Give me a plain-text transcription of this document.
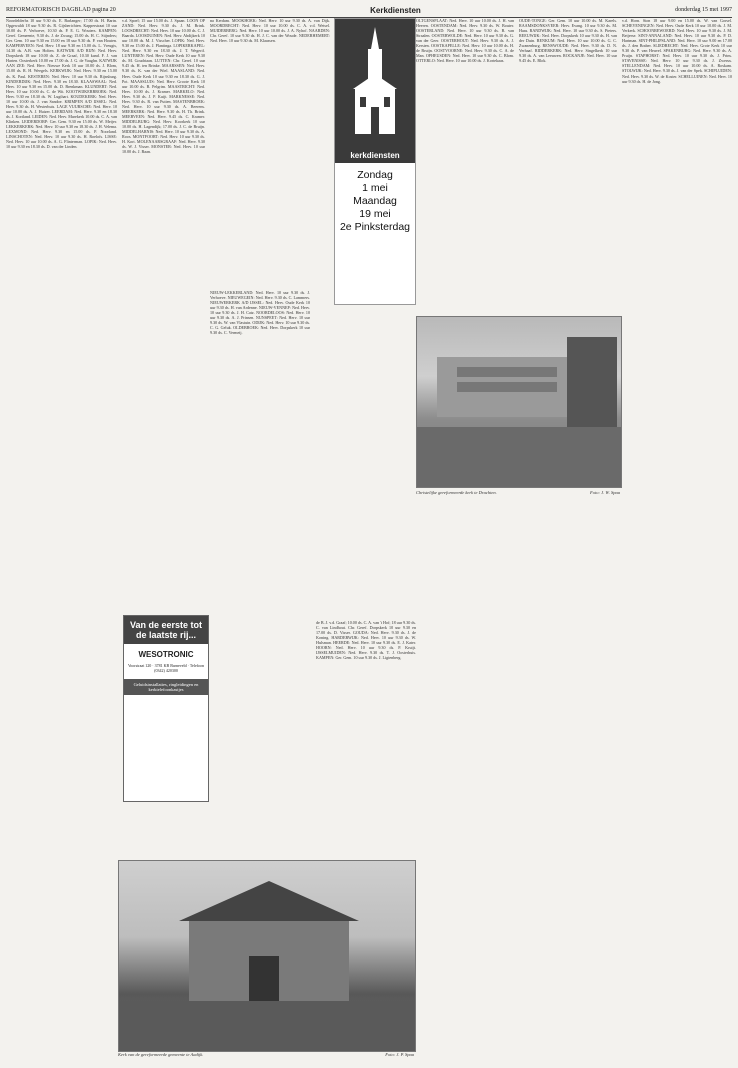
REFORMATORISCH DAGBLAD pagina 20	Kerkdiensten	donderdag 15 mei 1997

Noordelderhs 10 uur 9.30 ds. E. Barlanger; 17.00 ds. H. Bartn. Opgewaldt 18 uur 9.30 ds. R. Gijsberichten. Kapperstraat 10 uur 10.00 ds. P. Verhoeve, 10.30 ds. P. E. G. Wouters. KAMPEN: Geref. Gemeente, 9.30 ds. J. de Zwaag; 15.00 ds. H. C. Stijnders; Ger. Gem. 10 uur 9.30 en 15.00 en 18 uur 9.30 ds. P. van Houten. KAMPERVEEN: Ned. Herv. 18 uur 9.30 en 15.00 ds. L. Vreugts, 14.30 ds. A.B. van Holten. KATWIJK A/D RIJN: Ned. Herv. Dorpskerk 18 uur 10.00 ds. Z. de Graaf, 10.30 kand. F. J. van Harten. Oosterkerk 10.00 en 17.00 ds. J. G. de Vaughn. KATWIJK AAN ZEE: Ned. Herv. Nieuwe Kerk 10 uur 10.00 ds. J. Blom, 15.00 ds. R. H. Weegels. KERKWIJK: Ned. Herv. 9.30 en 15.00 ds. K. Paul. KESTEREN: Ned. Herv. 10 uur 9.30 ds. Rijnsburg. KINDERDIJK: Ned. Herv. 9.30 en 18.30. KLAASWAAL: Ned. Herv. 10 uur 9.30 en 15.00 ds. D. Brenkman. KLUNDERT: Ned. Herv. 10 uur 10.00 ds. C. de Wit. KOOTWIJKERBROEK: Ned. Herv. 9.30 en 18.30 ds. W. Lugthart. KOUDEKERK: Ned. Herv. 10 uur 10.00 ds. J. van Sandoe. KRIMPEN A/D IJSSEL: Ned. Herv. 9.30 ds. H. Westerhuis. LAGE VUURSCHE: Ned. Herv. 10 uur 10.00 ds. A. J. Huizer. LEERDAM: Ned. Herv. 9.30 en 18.30 ds. J. Kortland. LEIDEN: Ned. Herv. Marekerk 10.00 ds. C. A. van Klinken. LEIDERDORP: Ger. Gem. 9.30 en 15.00 ds. W. Meijer. LEKKERKERK: Ned. Herv. 10 uur 9.30 en 18.30 ds. J. H. Velema. LEXMOND: Ned. Herv. 9.30 en 15.00 ds. P. Noorland. LINSCHOTEN: Ned. Herv. 10 uur 9.30 ds. H. Roelofs. LISSE: Ned. Herv. 10 uur 10.00 ds. A. G. Flinterman. LOPIK: Ned. Herv. 10 uur 9.30 en 18.30 ds. D. van der Linden.

v.d. Spoel; 15 uur 15.00 ds. J. Spaan. LOON OP ZAND: Ned. Herv. 9.30 ds. J. M. Brink. LOOSDRECHT: Ned. Herv. 10 uur 10.00 ds. C. J. Baarda. LOOSDUINEN: Ned. Herv. Abdijkerk 10 uur 10.00 ds. M. J. Visscher. LOPIK: Ned. Herv. 9.30 en 15.00 ds. J. Plantinga. LOPIKERKAPEL: Ned. Herv. 9.30 en 18.30 ds. J. T. Wegerif. LUNTEREN: Ned. Herv. Oude Kerk 10 uur 9.30 ds. M. Goudriaan. LUTTEN: Chr. Geref. 10 uur 9.45 ds. H. ten Brinke. MAARSSEN: Ned. Herv. 9.30 ds. K. van der Wiel. MAASLAND: Ned. Herv. Oude Kerk 10 uur 9.30 en 18.30 ds. G. J. Pot. MAASSLUIS: Ned. Herv. Groote Kerk 10 uur 10.00 ds. B. Pelgrim. MAASTRICHT: Ned. Herv. 10.00 ds. J. Kramer. MARKELO: Ned. Herv. 9.30 ds. J. P. Kuijt. MARKNESSE: Ned. Herv. 9.30 ds. R. van Putten. MASTENBROEK: Ned. Herv. 10 uur 9.30 ds. A. Beerens. MEERKERK: Ned. Herv. 9.30 ds. H. Th. Brink. MEERVEEN: Ned. Herv. 9.45 ds. C. Kramer. MIDDELBURG: Ned. Herv. Koorkerk 10 uur 10.00 ds. H. Lagendijk; 17.00 ds. J. C. de Bruijn. MIDDELHARNIS: Ned. Herv. 10 uur 9.30 ds. A. Roos. MONTFOORT: Ned. Herv. 10 uur 9.30 ds. H. Kort. MOLENAARSGRAAF: Ned. Herv. 9.30 ds. W. J. Visser. MONSTER: Ned. Herv. 10 uur 10.00 ds. J. Baan.

na Kerdam. MOOKHOEK: Ned. Herv. 10 uur 9.30 ds. A. van Dijk. MOORDRECHT: Ned. Herv. 10 uur 10.00 ds. C. A. v.d. Wetsel. MUIDERBERG: Ned. Herv. 10 uur 10.00 ds. J. A. Nyhof. NAARDEN: Chr. Geref. 10 uur 9.30 ds. H. J. C. van der Woude. NEDERHEMERT: Ned. Herv. 10 uur 9.30 ds. M. Klaassen.

NIEUW-LEKKERLAND: Ned. Herv. 10 uur 9.30 ds. J. Verhoeve. NIEUWEGEIN: Ned. Herv. 9.30 ds. C. Lammers. NIEUWERKERK A/D IJSSEL: Ned. Herv. Oude Kerk 10 uur 9.30 ds. H. van Ardenne. NIEUW-VENNEP: Ned. Herv. 10 uur 9.30 ds. J. H. Catz. NOORDELOOS: Ned. Herv. 10 uur 9.30 ds. A. J. Prinsen. NUNSPEET: Ned. Herv. 10 uur 9.30 ds. W. van Vlastuin. ODIJK: Ned. Herv. 10 uur 9.30 ds. C. G. Geluk. OLDEBROEK: Ned. Herv. Dorpskerk 10 uur 9.30 ds. C. Vermeij.

OLTGENSPLAAT: Ned. Herv. 10 uur 10.00 ds. J. H. van Heeren. OOSTENDAM: Ned. Herv. 9.30 ds. W. Bouter. OOSTERLAND: Ned. Herv. 10 uur 9.30 ds. B. van Straalen. OOSTERWOLDE: Ned. Herv. 10 uur 9.30 ds. G. van der Geer. OOSTERHOUT: Ned. Herv. 9.30 ds. A. J. Kersten. OOSTKAPELLE: Ned. Herv. 10 uur 10.00 ds. H. de Bruijn. OOSTVOORNE: Ned. Herv. 9.30 ds. C. A. de Man. OPHEUSDEN: Ned. Herv. 10 uur 9.30 ds. C. Blom. OTTERLO: Ned. Herv. 10 uur 10.00 ds. J. Kortekaas.

OUDE-TONGE: Ger. Gem. 10 uur 10.00 ds. M. Karels. RAAMSDONKSVEER: Herv. Evang. 10 uur 9.30 ds. M. Haas. RANDWIJK: Ned. Herv. 10 uur 9.30 ds. S. Pieters. REEUWIJK: Ned. Herv. Dorpskerk 10 uur 9.30 ds. H. van der Duin. RENKUM: Ned. Herv. 10 uur 10.00 ds. G. C. Zwanenburg. RENSWOUDE: Ned. Herv. 9.30 ds. D. N. Verhaaf. RIDDERKERK: Ned. Herv. Singelkerk 10 uur 9.30 ds. A. van Leeuwen. ROCKANJE: Ned. Herv. 10 uur 9.45 ds. E. Blok.

v.d. Horn. Sion 18 uur 9.00 en 15.00 ds. W. van Gorsel. SCHEVENINGEN: Ned. Herv. Oude Kerk 10 uur 10.00 ds. J. M. Verkerk. SCHOONREWOERD: Ned. Herv. 10 uur 9.30 ds. J. M. Beijerse. SINT-ANNALAND: Ned. Herv. 10 uur 9.30 ds. P. D. Hartman. SINT-PHILIPSLAND: Ned. Herv. 10 uur 9.00 en 17.00 ds. J. den Braber. SLIEDRECHT: Ned. Herv. Grote Kerk 10 uur 9.30 ds. P. van Heuvel. SPAKENBURG: Ned. Herv. 9.30 ds. A. Pruijn. STAPHORST: Ned. Herv. 10 uur 9.30 ds. J. Prins. STAVENISSE: Ned. Herv. 10 uur 9.30 ds. J. Zwerus. STELLENDAM: Ned. Herv. 10 uur 10.00 ds. A. Roskam. STOLWIJK: Ned. Herv. 9.30 ds. J. van der Spek. SCHIPLUIDEN: Ned. Herv. 9.30 ds. W. de Koster. SCHELLUINEN: Ned. Herv. 10 uur 9.30 ds. H. de Jong.

de B. J. v.d. Graaf; 10.00 ds. C. A. van 't Hof; 18 uur 9.30 ds. C. van Lindhout. Chr. Geref. Dorpskerk 10 uur 9.30 en 17.00 ds. D. Visser. GOUDA: Ned. Herv. 9.30 ds. J. de Koning. HARDERWIJK: Ned. Herv. 10 uur 9.30 ds. W. Hulsman. HEERDE: Ned. Herv. 10 uur 9.30 ds. E. J. Kater. HOORN: Ned. Herv. 10 uur 9.30 ds. P. Kruijt. IJSSELMUIDEN: Ned. Herv. 9.30 ds. T. J. Oosterhuis. KAMPEN: Ger. Gem. 10 uur 9.30 ds. J. Ligtenberg.

kerkdiensten
Zondag
1 mei
Maandag
19 mei
2e Pinksterdag
Christelijke gereformeerde kerk te Drachten.	Foto: J. W. Spaa
Van de eerste tot de laatste rij...
WESOTRONIC
Voorstraat 120 · 3781 KB Barneveld · Telefoon (0342) 420300
Geluidsinstallaties, ringleidingen en kerktelefoonkastjes
Kerk van de gereformeerde gemeente te Aadijk.	Foto: J. P. Spaa
